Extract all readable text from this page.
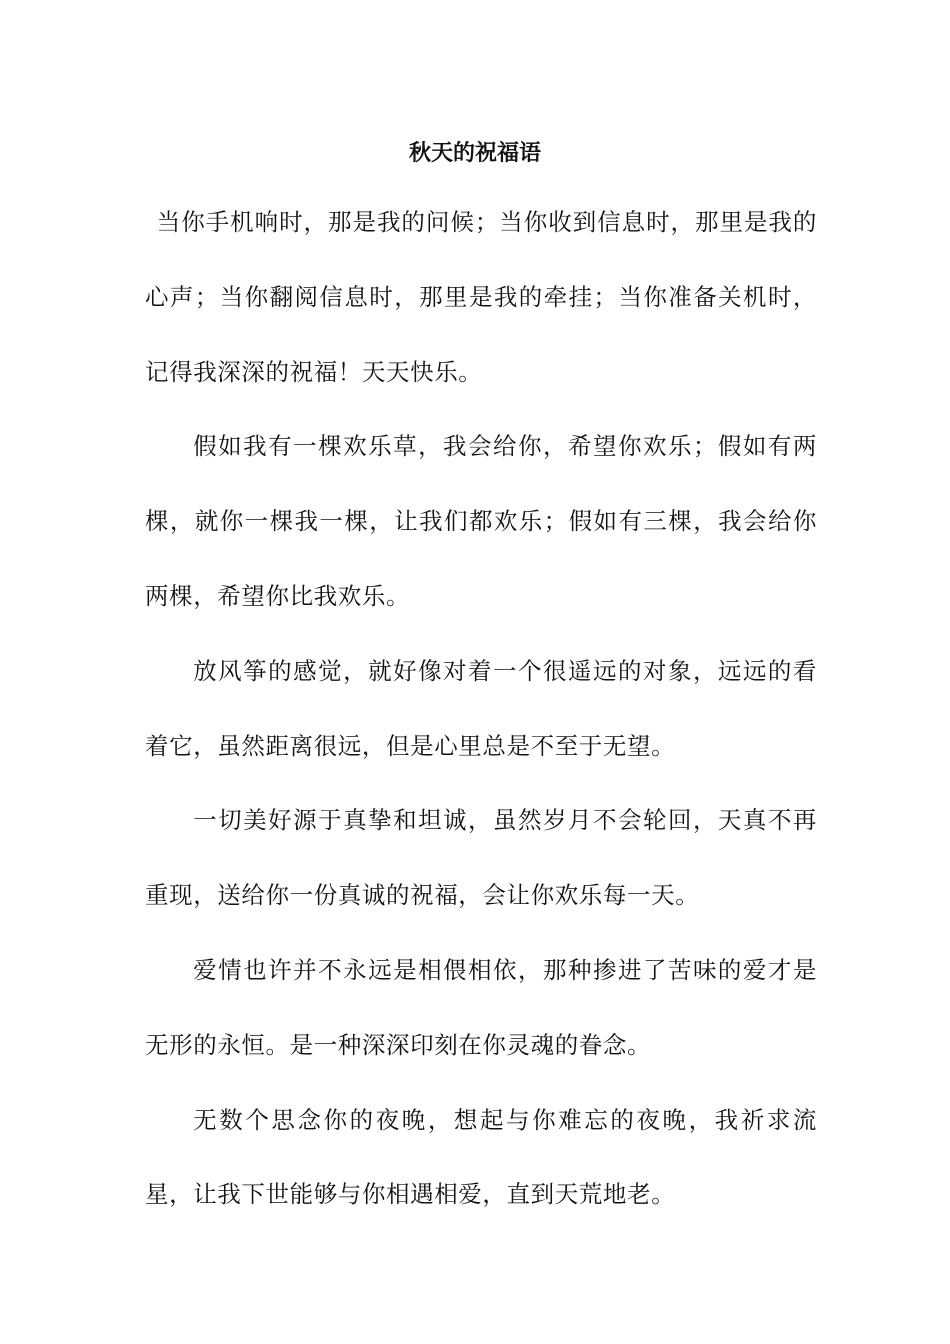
秋天的祝福语

当你手机响时，那是我的问候；当你收到信息时，那里是我的心声；当你翻阅信息时，那里是我的牵挂；当你准备关机时，记得我深深的祝福！天天快乐。

假如我有一棵欢乐草，我会给你，希望你欢乐；假如有两棵，就你一棵我一棵，让我们都欢乐；假如有三棵，我会给你两棵，希望你比我欢乐。

放风筝的感觉，就好像对着一个很遥远的对象，远远的看着它，虽然距离很远，但是心里总是不至于无望。

一切美好源于真挚和坦诚，虽然岁月不会轮回，天真不再重现，送给你一份真诚的祝福，会让你欢乐每一天。

爱情也许并不永远是相偎相依，那种掺进了苦味的爱才是无形的永恒。是一种深深印刻在你灵魂的眷念。

无数个思念你的夜晚，想起与你难忘的夜晚，我祈求流星，让我下世能够与你相遇相爱，直到天荒地老。
